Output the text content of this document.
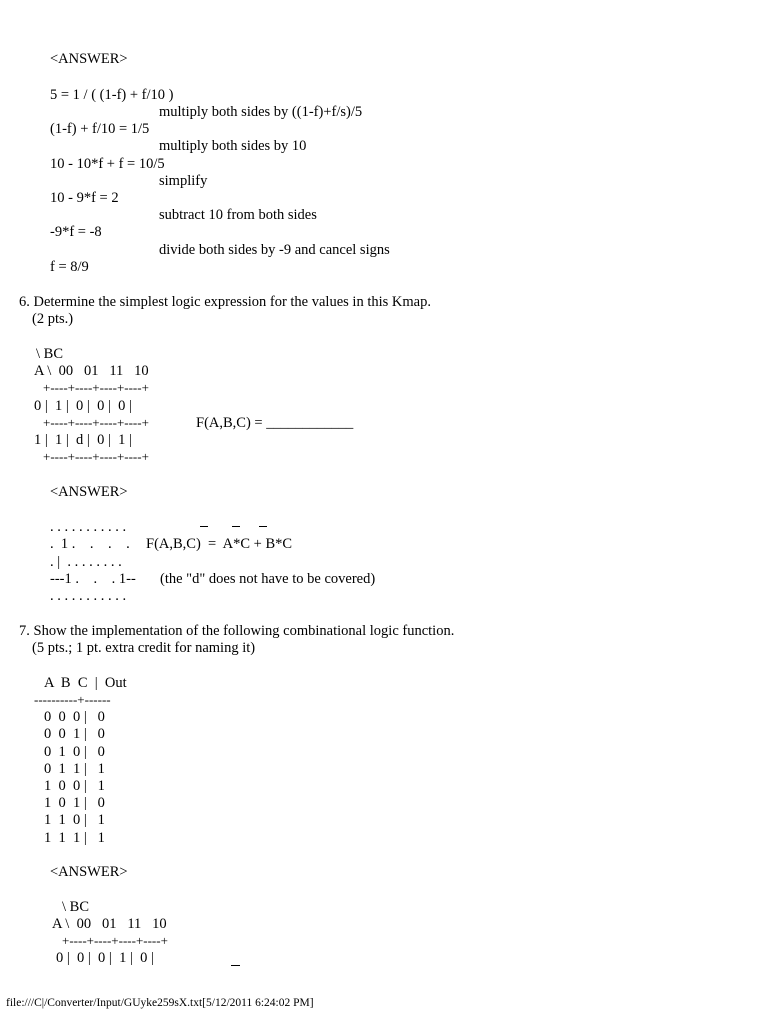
<ANSWER>
5 = 1 / ( (1-f) + f/10 )
multiply both sides by ((1-f)+f/s)/5
(1-f) + f/10 = 1/5
multiply both sides by 10
10 - 10*f + f = 10/5
simplify
10 - 9*f = 2
subtract 10 from both sides
-9*f = -8
divide both sides by -9 and cancel signs
f = 8/9
6. Determine the simplest logic expression for the values in this Kmap.
(2 pts.)
\ BC
A \  00   01   11   10
+----+----+----+----+
0 |  1 |  0 |  0 |  0 |
+----+----+----+----+	F(A,B,C) = ____________
1 |  1 |  d |  0 |  1 |
+----+----+----+----+
<ANSWER>
. . . . . . . . . . .
.  1 .    .    .    . F(A,B,C)  =  A*C + B*C
. |  . . . . . . . .
---1 .    .    . 1-- (the "d" does not have to be covered)
. . . . . . . . . . .
7. Show the implementation of the following combinational logic function.
(5 pts.; 1 pt. extra credit for naming it)
A  B  C  |  Out
----------+------
0  0  0 |   0
0  0  1 |   0
0  1  0 |   0
0  1  1 |   1
1  0  0 |   1
1  0  1 |   0
1  1  0 |   1
1  1  1 |   1
<ANSWER>
\ BC
A \  00   01   11   10
+----+----+----+----+
0 |  0 |  0 |  1 |  0 |
file:///C|/Converter/Input/GUyke259sX.txt[5/12/2011 6:24:02 PM]
